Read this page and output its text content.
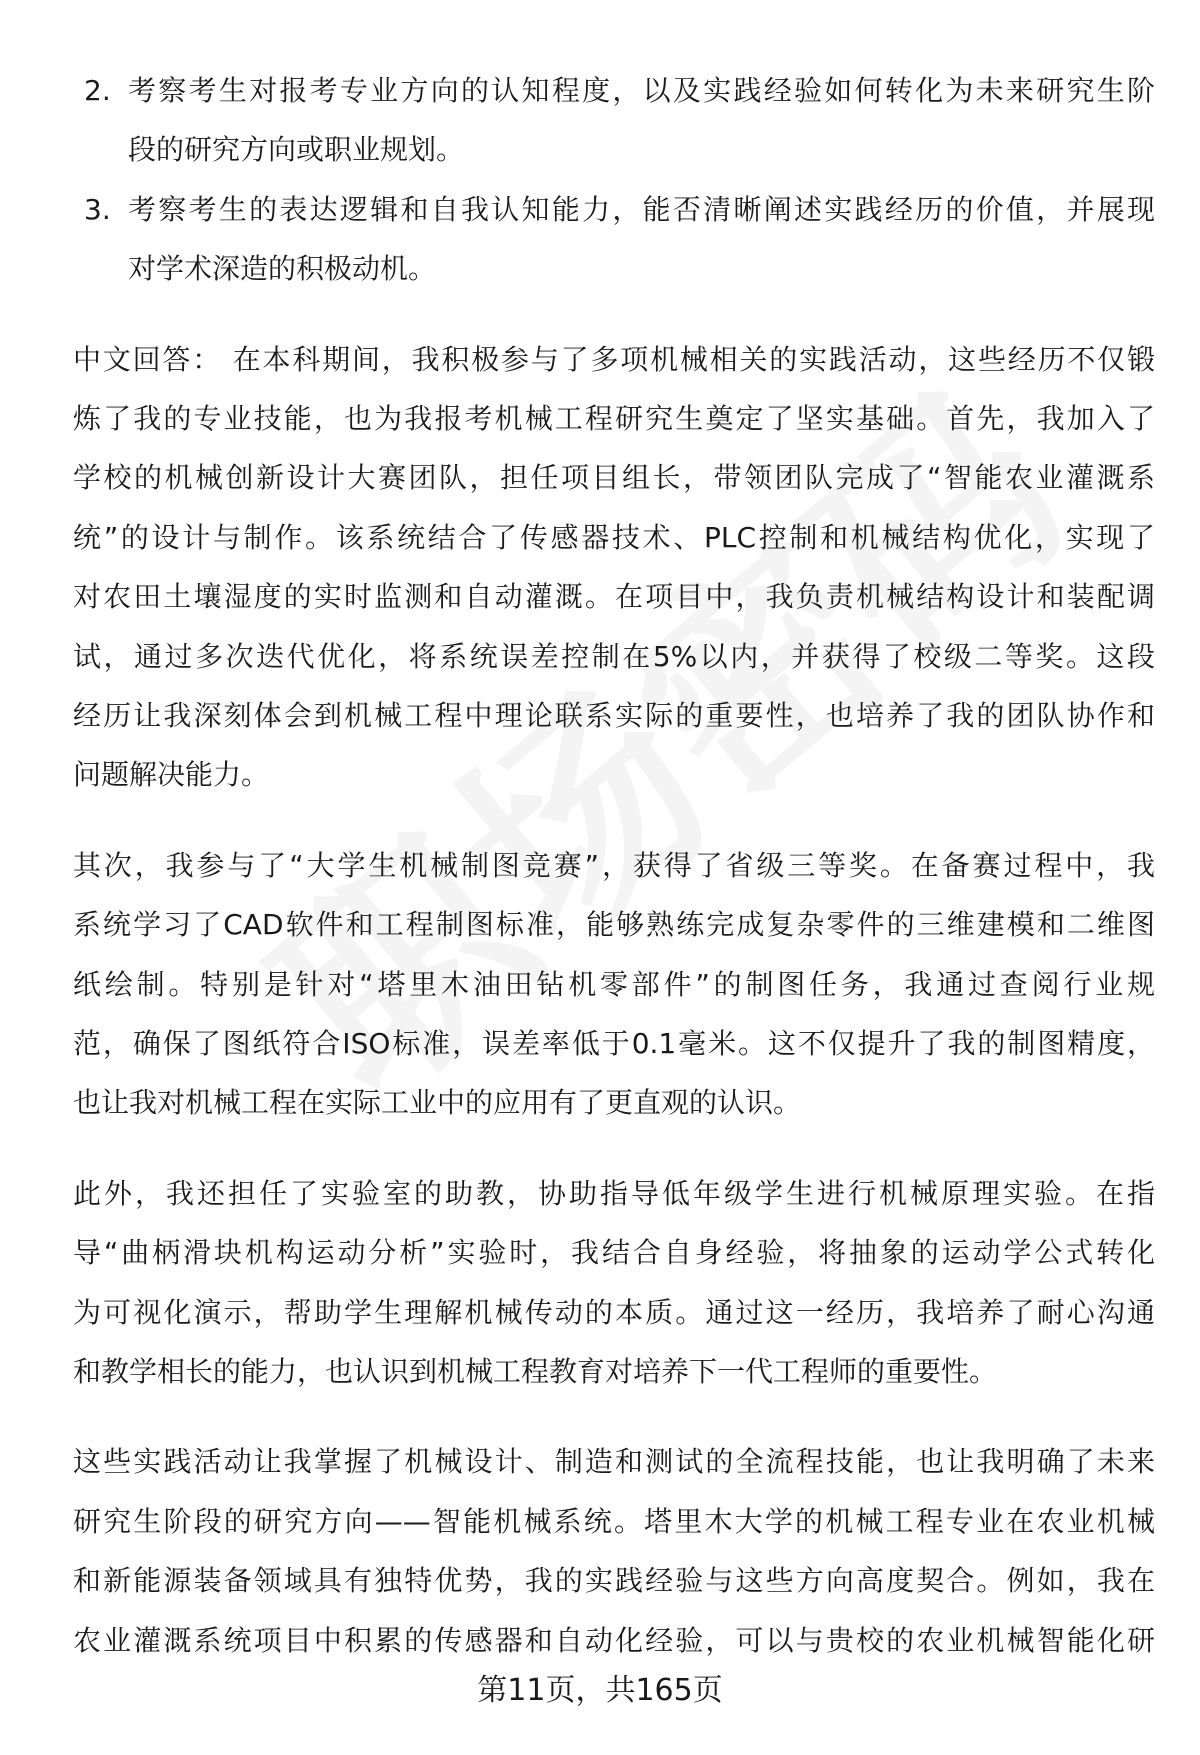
2. 考察考生对报考专业方向的认知程度，以及实践经验如何转化为未来研究生阶
段的研究方向或职业规划。
3. 考察考生的表达逻辑和自我认知能力，能否清晰阐述实践经历的价值，并展现
对学术深造的积极动机。
中文回答： 在本科期间，我积极参与了多项机械相关的实践活动，这些经历不仅锻
炼了我的专业技能，也为我报考机械工程研究生奠定了坚实基础。首先，我加入了
学校的机械创新设计大赛团队，担任项目组长，带领团队完成了“智能农业灌溉系
统”的设计与制作。该系统结合了传感器技术、PLC控制和机械结构优化，实现了
对农田土壤湿度的实时监测和自动灌溉。在项目中，我负责机械结构设计和装配调
试，通过多次迭代优化，将系统误差控制在5%以内，并获得了校级二等奖。这段
经历让我深刻体会到机械工程中理论联系实际的重要性，也培养了我的团队协作和
问题解决能力。
其次，我参与了“大学生机械制图竞赛”，获得了省级三等奖。在备赛过程中，我
系统学习了CAD软件和工程制图标准，能够熟练完成复杂零件的三维建模和二维图
纸绘制。特别是针对“塔里木油田钻机零部件”的制图任务，我通过查阅行业规
范，确保了图纸符合ISO标准，误差率低于0.1毫米。这不仅提升了我的制图精度，
也让我对机械工程在实际工业中的应用有了更直观的认识。
此外，我还担任了实验室的助教，协助指导低年级学生进行机械原理实验。在指
导“曲柄滑块机构运动分析”实验时，我结合自身经验，将抽象的运动学公式转化
为可视化演示，帮助学生理解机械传动的本质。通过这一经历，我培养了耐心沟通
和教学相长的能力，也认识到机械工程教育对培养下一代工程师的重要性。
这些实践活动让我掌握了机械设计、制造和测试的全流程技能，也让我明确了未来
研究生阶段的研究方向——智能机械系统。塔里木大学的机械工程专业在农业机械
和新能源装备领域具有独特优势，我的实践经验与这些方向高度契合。例如，我在
农业灌溉系统项目中积累的传感器和自动化经验，可以与贵校的农业机械智能化研
第11页，共165页
